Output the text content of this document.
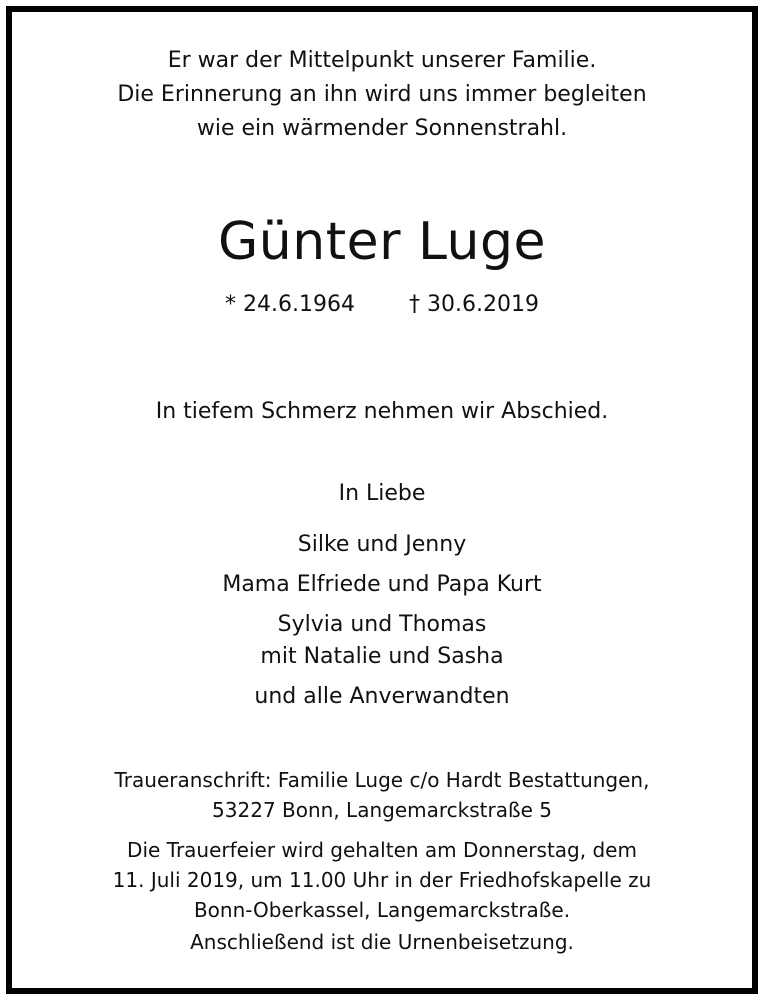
Er war der Mittelpunkt unserer Familie.
Die Erinnerung an ihn wird uns immer begleiten
wie ein wärmender Sonnenstrahl.
Günter Luge
* 24.6.1964 † 30.6.2019
In tiefem Schmerz nehmen wir Abschied.
In Liebe
Silke und Jenny
Mama Elfriede und Papa Kurt
Sylvia und Thomas
mit Natalie und Sasha
und alle Anverwandten
Traueranschrift: Familie Luge c/o Hardt Bestattungen,
53227 Bonn, Langemarckstraße 5
Die Trauerfeier wird gehalten am Donnerstag, dem
11. Juli 2019, um 11.00 Uhr in der Friedhofskapelle zu
Bonn-Oberkassel, Langemarckstraße.
Anschließend ist die Urnenbeisetzung.
